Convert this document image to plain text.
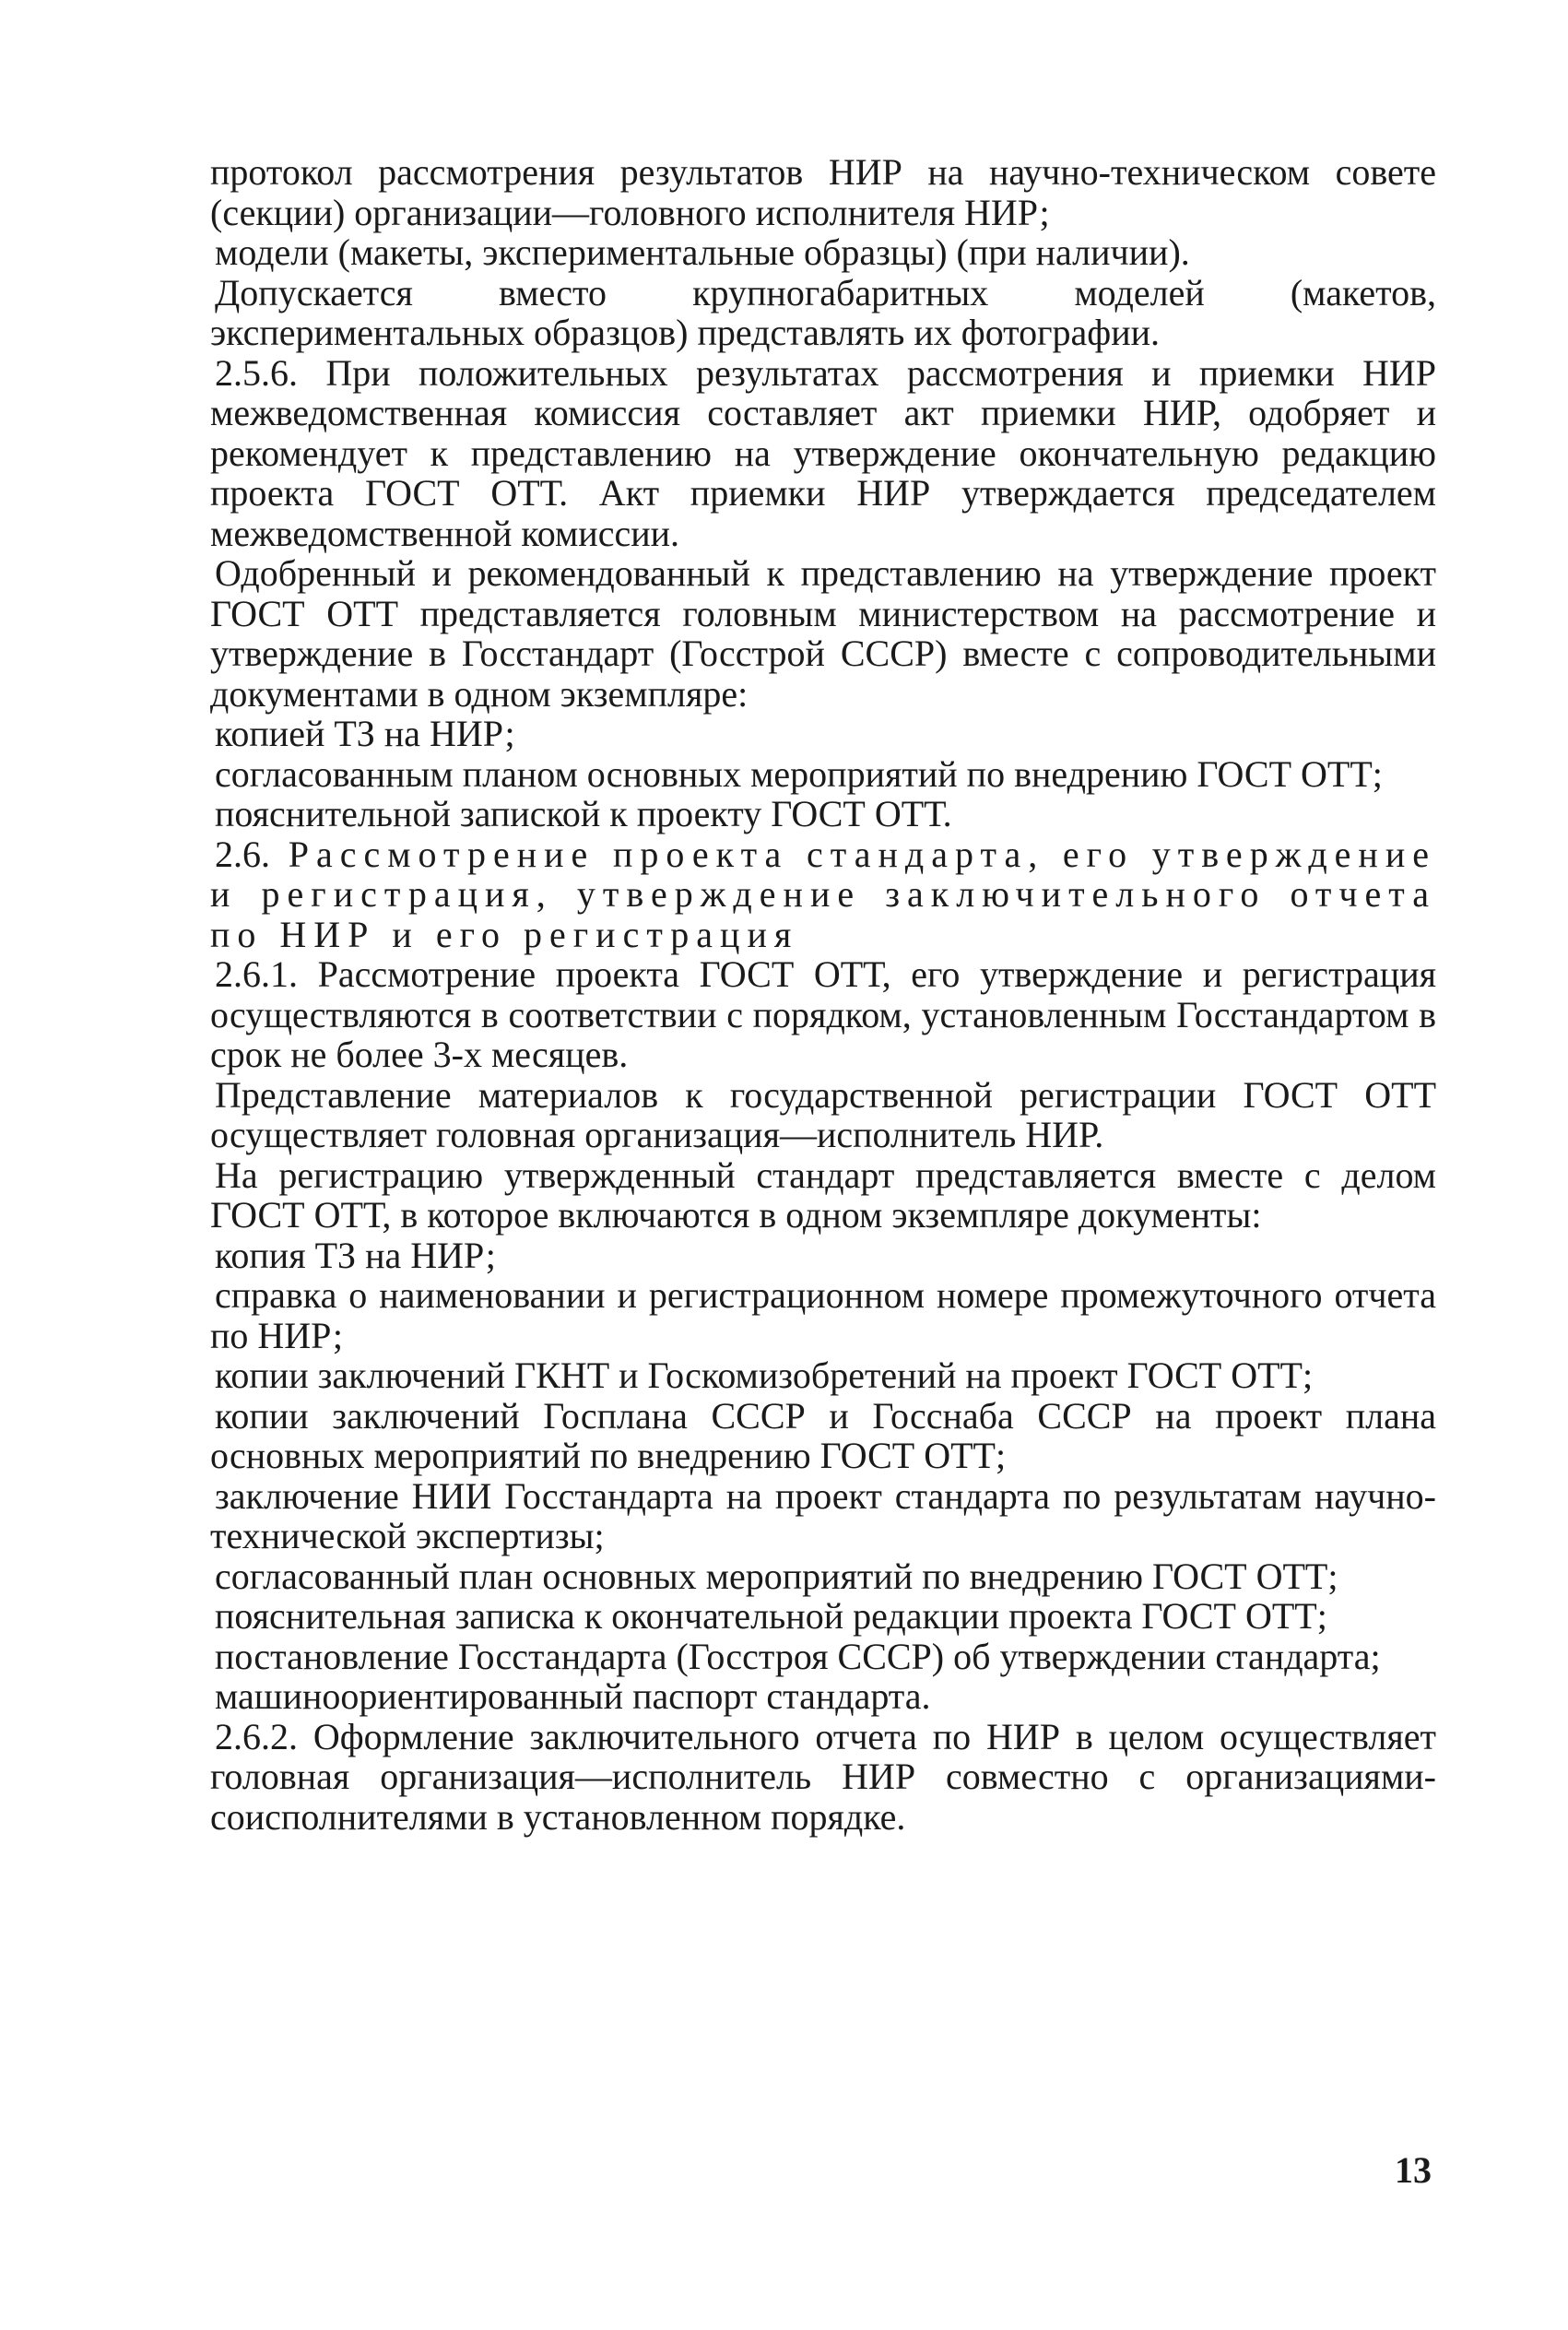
протокол рассмотрения результатов НИР на научно-техническом совете (секции) организации—головного исполнителя НИР;

модели (макеты, экспериментальные образцы) (при наличии).

Допускается вместо крупногабаритных моделей (макетов, экспериментальных образцов) представлять их фотографии.

2.5.6. При положительных результатах рассмотрения и приемки НИР межведомственная комиссия составляет акт приемки НИР, одобряет и рекомендует к представлению на утверждение окончательную редакцию проекта ГОСТ ОТТ. Акт приемки НИР утверждается председателем межведомственной комиссии.

Одобренный и рекомендованный к представлению на утверждение проект ГОСТ ОТТ представляется головным министерством на рассмотрение и утверждение в Госстандарт (Госстрой СССР) вместе с сопроводительными документами в одном экземпляре:

копией ТЗ на НИР;

согласованным планом основных мероприятий по внедрению ГОСТ ОТТ;

пояснительной запиской к проекту ГОСТ ОТТ.

2.6. Рассмотрение проекта стандарта, его утверждение и регистрация, утверждение заключительного отчета по НИР и его регистрация

2.6.1. Рассмотрение проекта ГОСТ ОТТ, его утверждение и регистрация осуществляются в соответствии с порядком, установленным Госстандартом в срок не более 3-х месяцев.

Представление материалов к государственной регистрации ГОСТ ОТТ осуществляет головная организация—исполнитель НИР.

На регистрацию утвержденный стандарт представляется вместе с делом ГОСТ ОТТ, в которое включаются в одном экземпляре документы:

копия ТЗ на НИР;

справка о наименовании и регистрационном номере промежуточного отчета по НИР;

копии заключений ГКНТ и Госкомизобретений на проект ГОСТ ОТТ;

копии заключений Госплана СССР и Госснаба СССР на проект плана основных мероприятий по внедрению ГОСТ ОТТ;

заключение НИИ Госстандарта на проект стандарта по результатам научно-технической экспертизы;

согласованный план основных мероприятий по внедрению ГОСТ ОТТ;

пояснительная записка к окончательной редакции проекта ГОСТ ОТТ;

постановление Госстандарта (Госстроя СССР) об утверждении стандарта;

машиноориентированный паспорт стандарта.

2.6.2. Оформление заключительного отчета по НИР в целом осуществляет головная организация—исполнитель НИР совместно с организациями-соисполнителями в установленном порядке.

13
